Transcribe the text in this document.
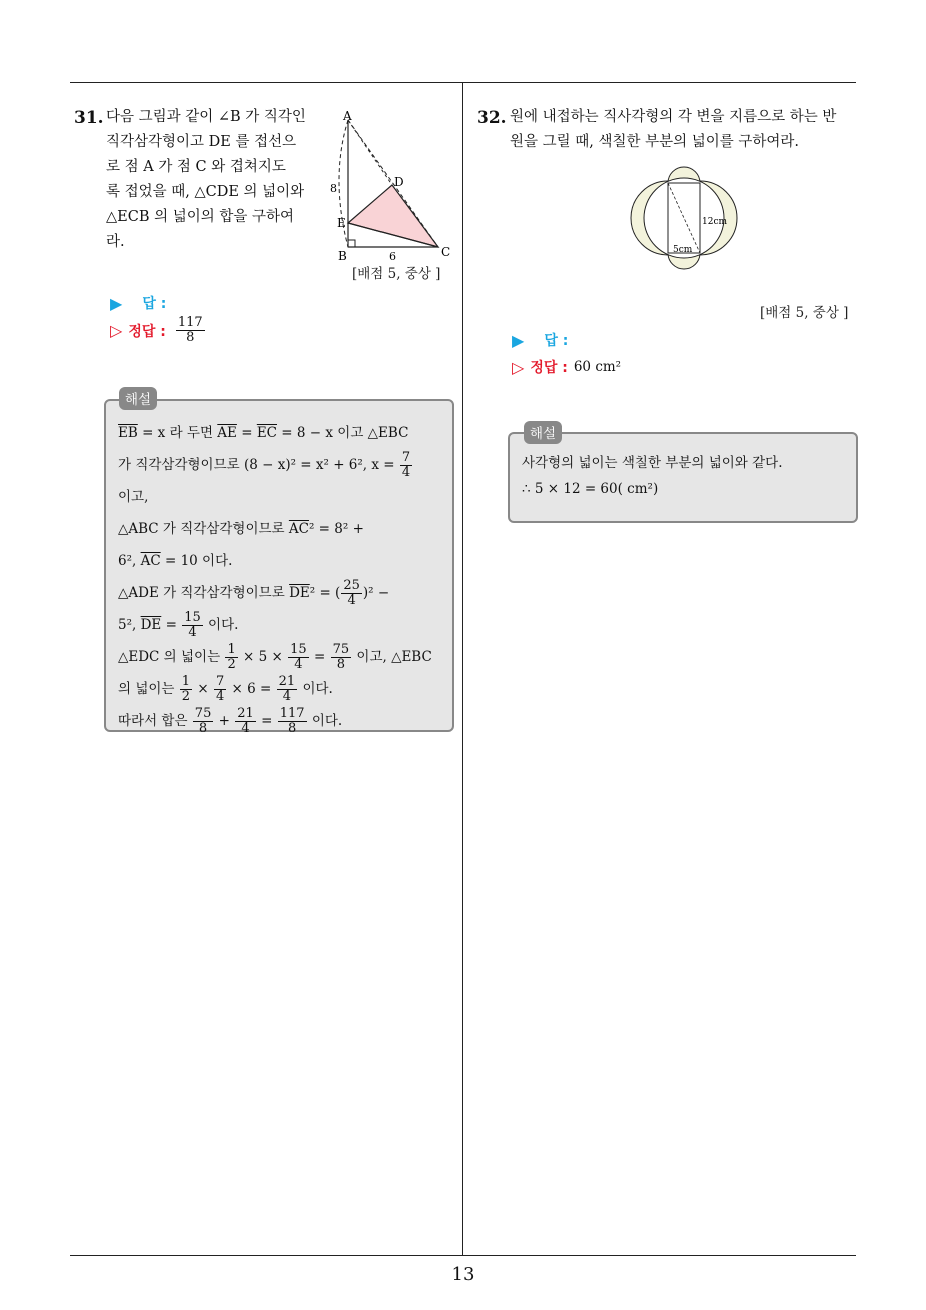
31. 다음 그림과 같이 ∠B 가 직각인
직각삼각형이고 DE 를 접선으
로 점 A 가 점 C 와 겹쳐지도
록 접었을 때, △CDE 의 넓이와
△ECB 의 넓이의 합을 구하여
라.
A
D
E
B	C
8
6
[배점 5, 중상 ]
▶ 답 :
▷ 정답 :
117
8
$\overline{EB} = x$ 라 두면 $\overline{AE} = \overline{EC} = 8 - x$ 이고 △EBC
가 직각삼각형이므로 (8 − x)² = x² + 6², $x = \frac{7}{4}$
이고,
△ABC 가 직각삼각형이므로 $\overline{AC}^2 = 8^2$ +
6², $\overline{AC} = 10$ 이다.
△ADE 가 직각삼각형이므로 $\overline{DE}^2$ = ( $\frac{25}{4} )^2$ −
5², $\overline{DE} = \frac{15}{4}$ 이다.
△EDC 의 넓이는 $\frac{1}{2} \times 5 \times \frac{15}{4} = \frac{75}{8}$ 이고, △EBC
의 넓이는 $\frac{1}{2} \times \frac{7}{4} \times 6 = \frac{21}{4}$ 이다.
따라서 합은 $\frac{75}{8} + \frac{21}{4} = \frac{117}{8}$ 이다.
해설
32. 원에 내접하는 직사각형의 각 변을 지름으로 하는 반
원을 그릴 때, 색칠한 부분의 넓이를 구하여라.
12cm
5cm
[배점 5, 중상 ]
▶ 답 :
▷ 정답 : 60 cm²
사각형의 넓이는 색칠한 부분의 넓이와 같다.
∴ 5 × 12 = 60( cm²)
해설
13
